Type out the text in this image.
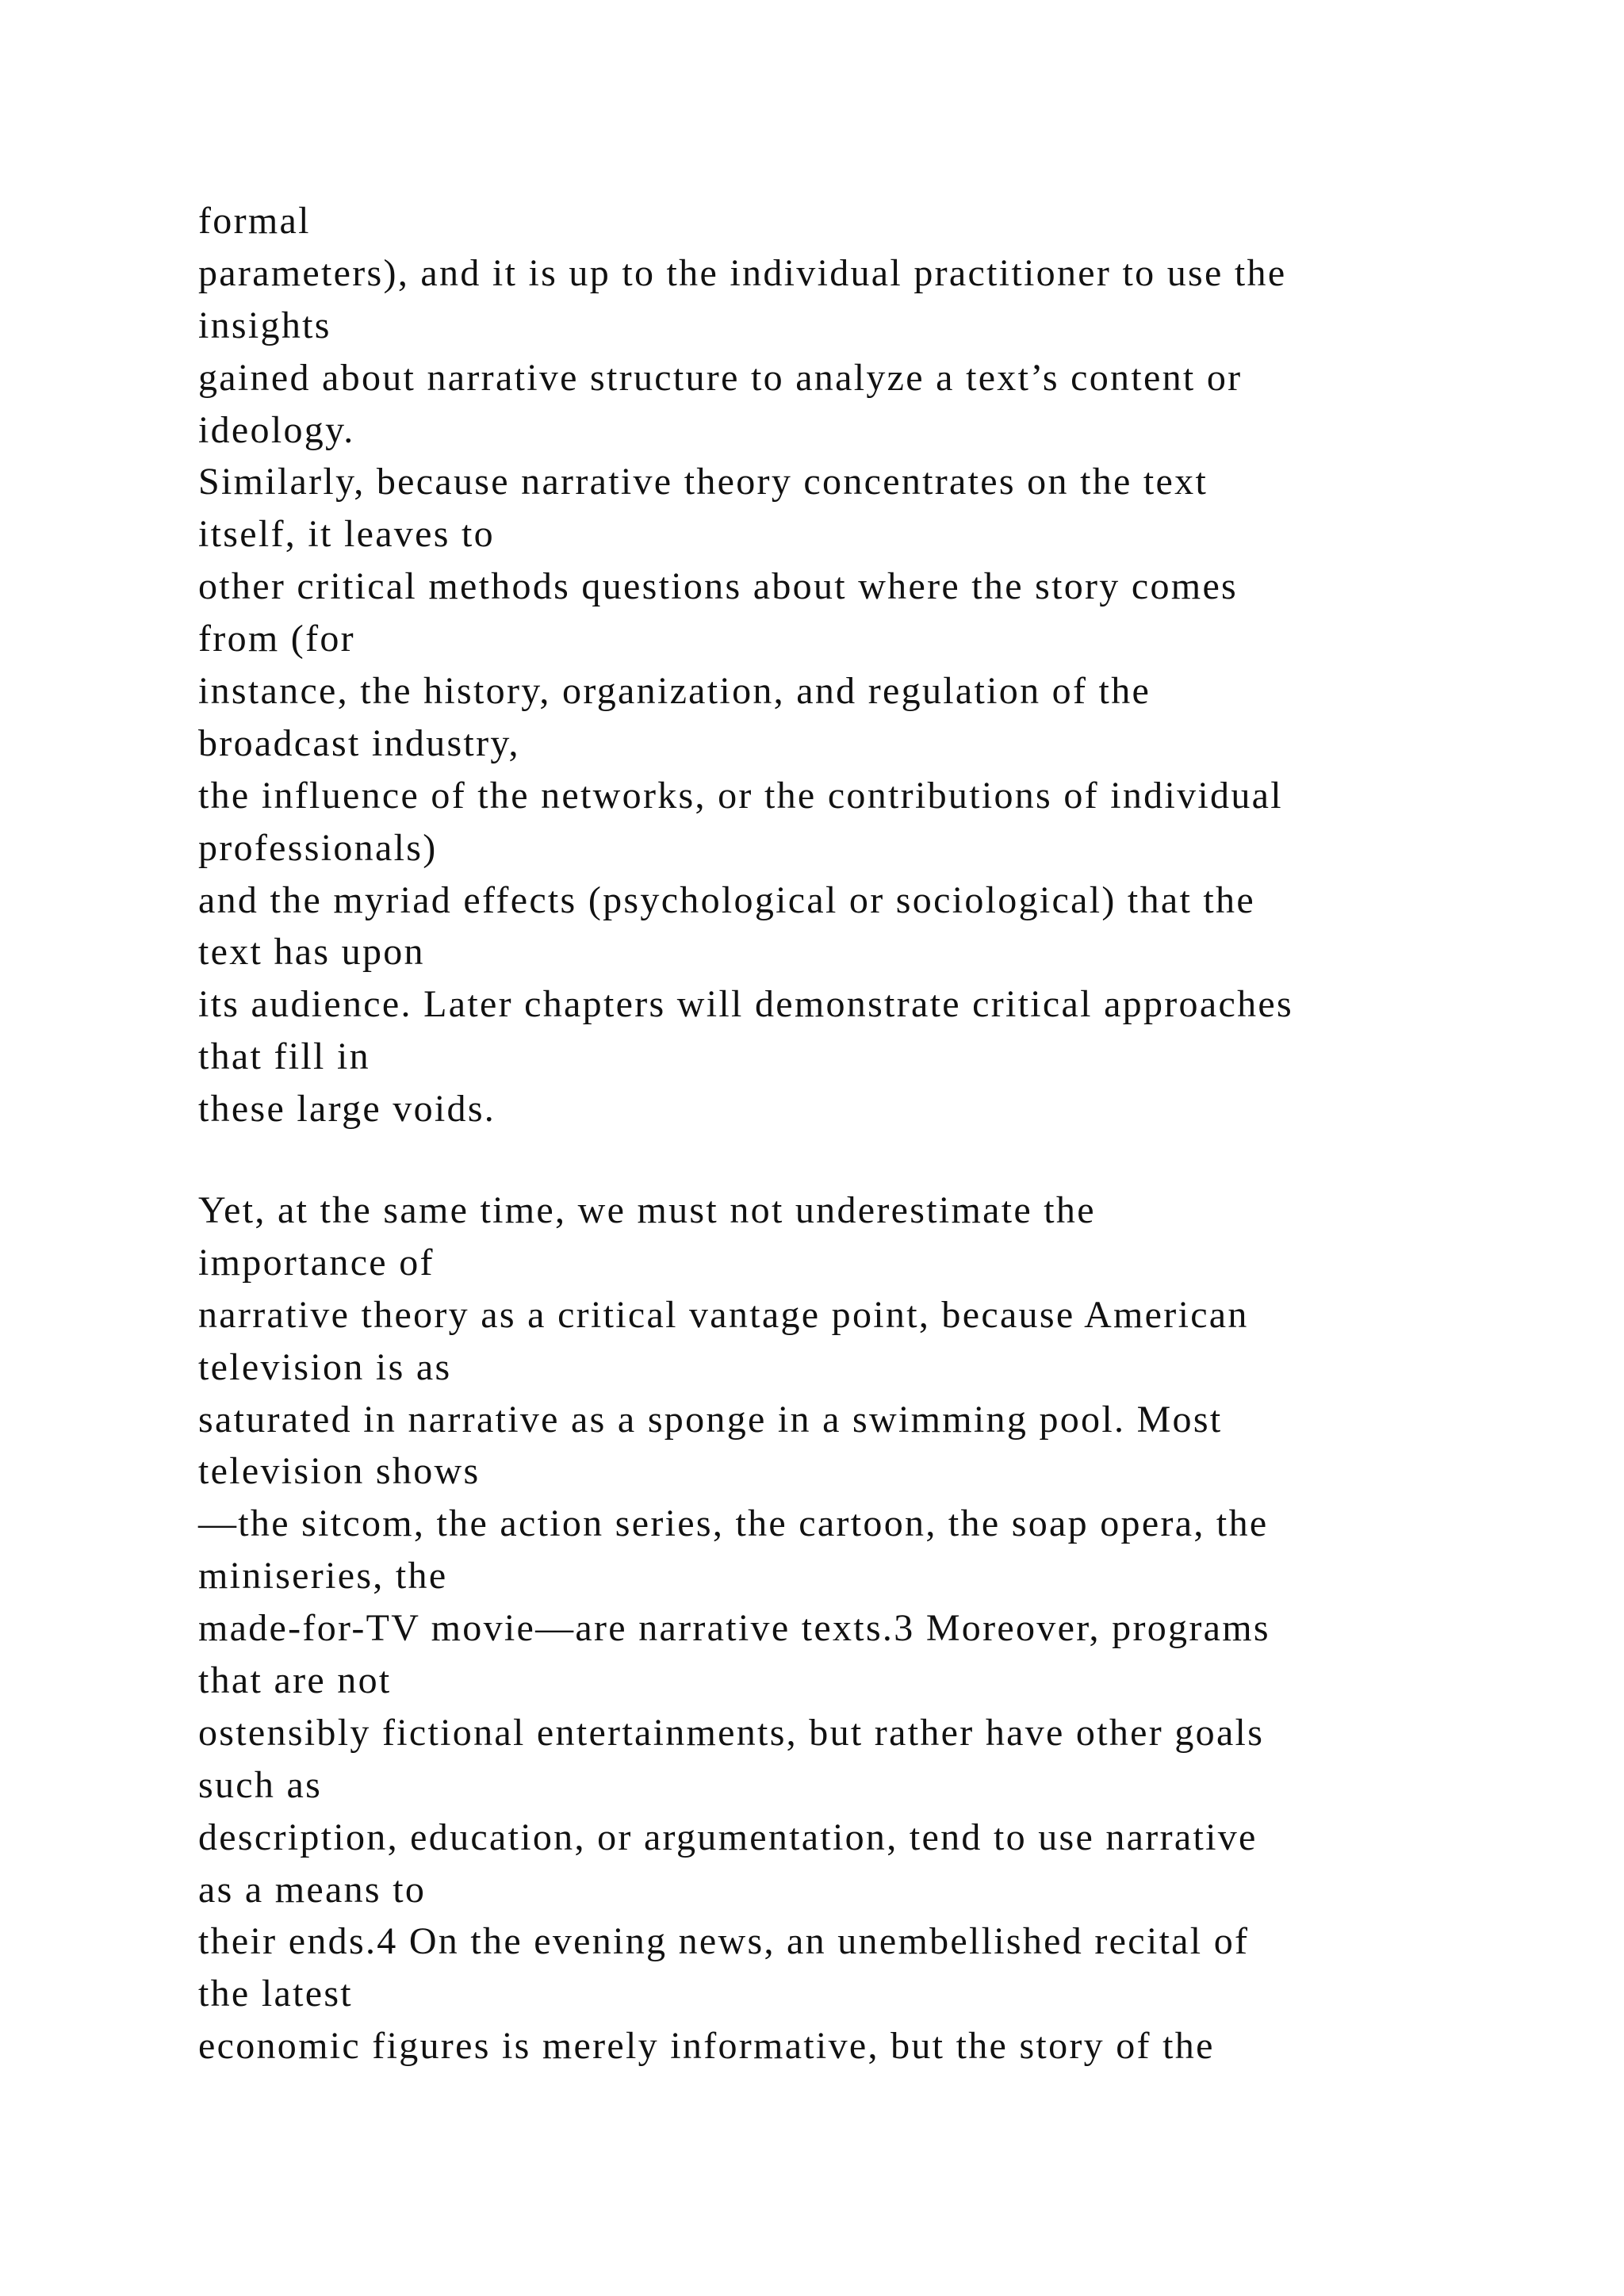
formal
parameters), and it is up to the individual practitioner to use the
insights
gained about narrative structure to analyze a text’s content or
ideology.
Similarly, because narrative theory concentrates on the text
itself, it leaves to
other critical methods questions about where the story comes
from (for
instance, the history, organization, and regulation of the
broadcast industry,
the influence of the networks, or the contributions of individual
professionals)
and the myriad effects (psychological or sociological) that the
text has upon
its audience. Later chapters will demonstrate critical approaches
that fill in
these large voids.
Yet, at the same time, we must not underestimate the
importance of
narrative theory as a critical vantage point, because American
television is as
saturated in narrative as a sponge in a swimming pool. Most
television shows
—the sitcom, the action series, the cartoon, the soap opera, the
miniseries, the
made-for-TV movie—are narrative texts.3 Moreover, programs
that are not
ostensibly fictional entertainments, but rather have other goals
such as
description, education, or argumentation, tend to use narrative
as a means to
their ends.4 On the evening news, an unembellished recital of
the latest
economic figures is merely informative, but the story of the
